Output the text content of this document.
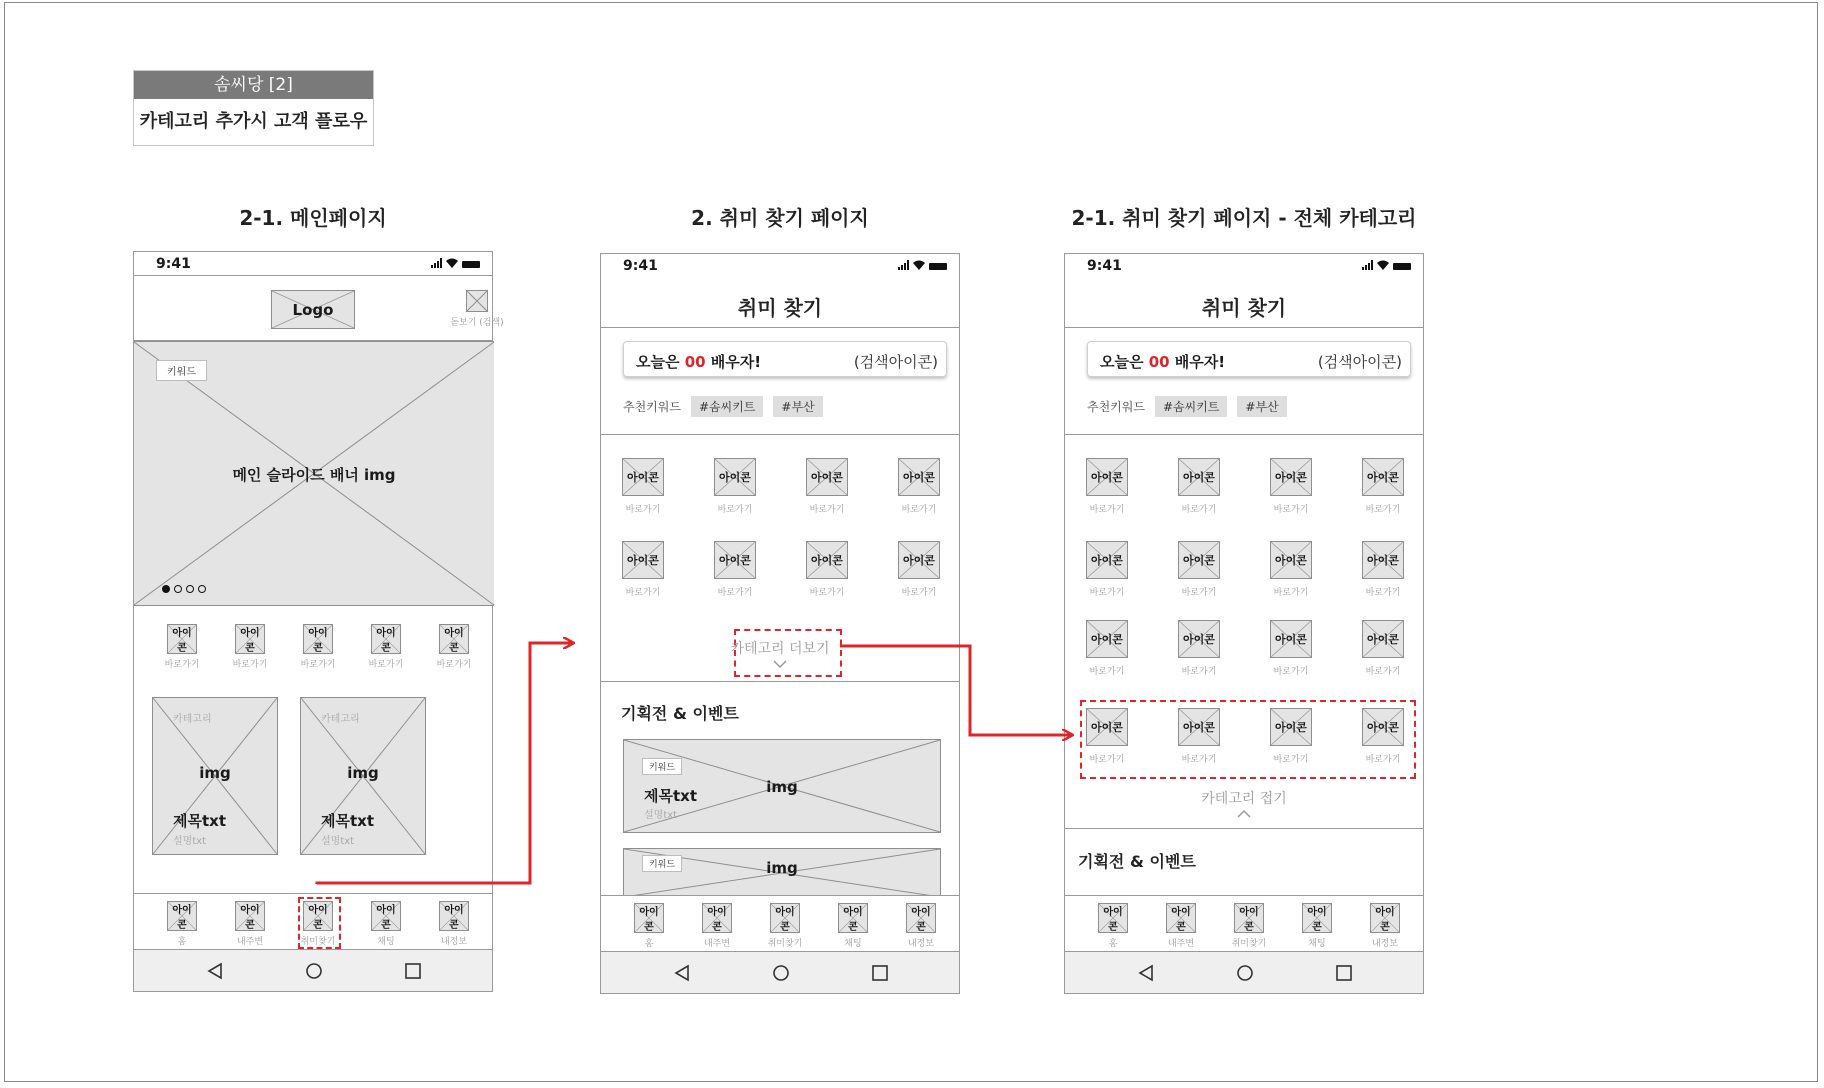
솜씨당 [2]
카테고리 추가시 고객 플로우
2-1. 메인페이지	2. 취미 찾기 페이지	2-1. 취미 찾기 페이지 - 전체 카테고리
9:41
Logo
돋보기 (검색)
키워드
메인 슬라이드 배너 img
아이콘
바로가기
아이콘
바로가기
아이콘
바로가기
아이콘
바로가기
아이콘
바로가기
카테고리
img
제목txt
설명txt
카테고리
img
제목txt
설명txt
아이콘
홈
아이콘
내주변
아이콘
취미찾기
아이콘
채팅
아이콘
내정보
9:41
취미 찾기
오늘은 00 배우자!	(검색아이콘)
추천키워드	#솜씨키트	#부산
아이콘
바로가기
아이콘
바로가기
아이콘
바로가기
아이콘
바로가기
아이콘
바로가기
아이콘
바로가기
아이콘
바로가기
아이콘
바로가기
카테고리 더보기
기획전 & 이벤트
키워드
제목txt
설명txt
img
키워드	img
아이콘
홈
아이콘
내주변
아이콘
취미찾기
아이콘
채팅
아이콘
내정보
9:41
취미 찾기
오늘은 00 배우자!	(검색아이콘)
추천키워드	#솜씨키트	#부산
아이콘
바로가기
아이콘
바로가기
아이콘
바로가기
아이콘
바로가기
아이콘
바로가기
아이콘
바로가기
아이콘
바로가기
아이콘
바로가기
아이콘
바로가기
아이콘
바로가기
아이콘
바로가기
아이콘
바로가기
아이콘
바로가기
아이콘
바로가기
아이콘
바로가기
아이콘
바로가기
카테고리 접기
기획전 & 이벤트
아이콘
홈
아이콘
내주변
아이콘
취미찾기
아이콘
채팅
아이콘
내정보
